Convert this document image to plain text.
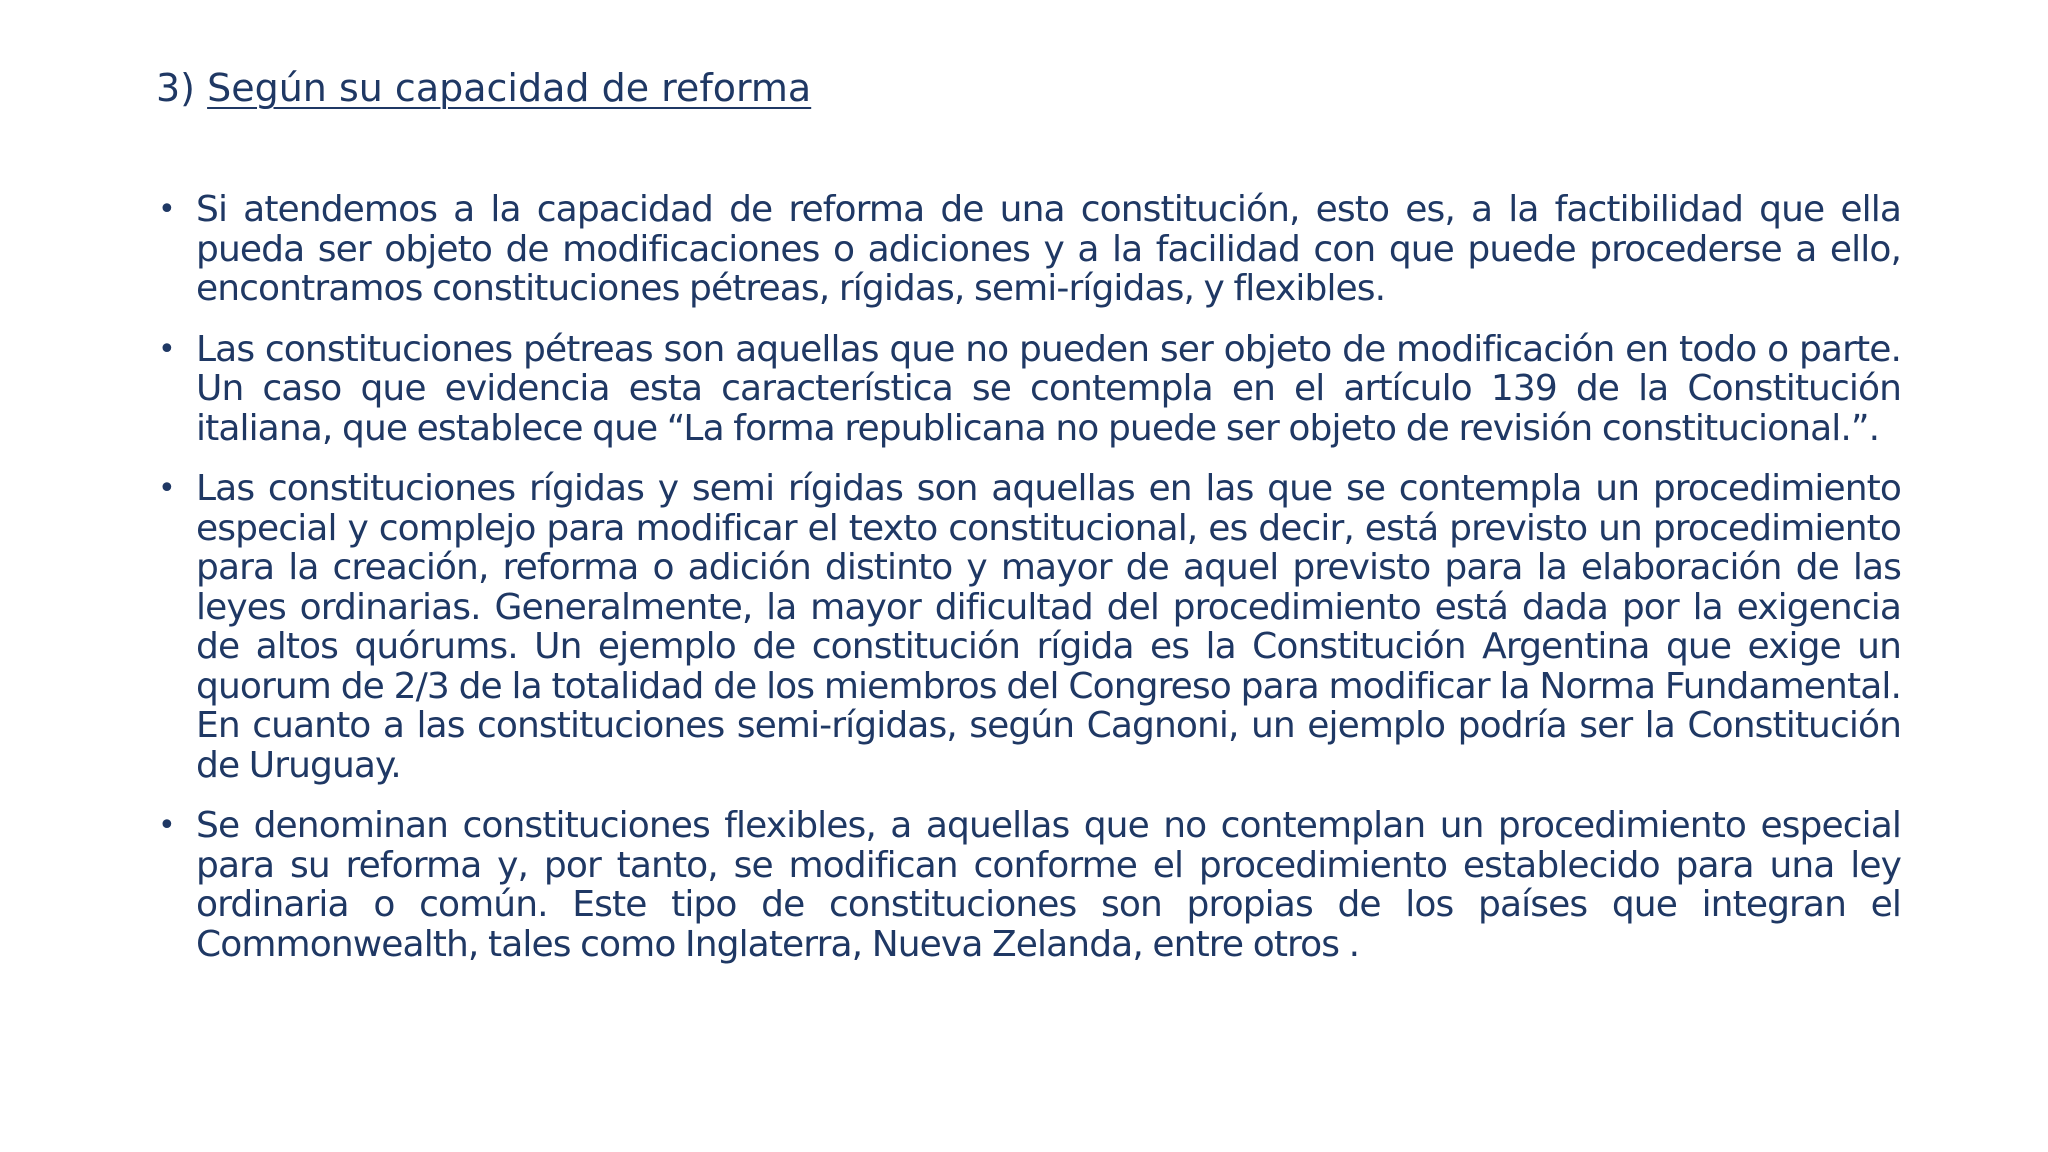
3) Según su capacidad de reforma
• Si atendemos a la capacidad de reforma de una constitución, esto es, a la factibilidad que ella pueda ser objeto de modificaciones o adiciones y a la facilidad con que puede procederse a ello, encontramos constituciones pétreas, rígidas, semi-rígidas, y flexibles.
• Las constituciones pétreas son aquellas que no pueden ser objeto de modificación en todo o parte. Un caso que evidencia esta característica se contempla en el artículo 139 de la Constitución italiana, que establece que “La forma republicana no puede ser objeto de revisión constitucional.”.
• Las constituciones rígidas y semi rígidas son aquellas en las que se contempla un procedimiento especial y complejo para modificar el texto constitucional, es decir, está previsto un procedimiento para la creación, reforma o adición distinto y mayor de aquel previsto para la elaboración de las leyes ordinarias. Generalmente, la mayor dificultad del procedimiento está dada por la exigencia de altos quórums. Un ejemplo de constitución rígida es la Constitución Argentina que exige un quorum de 2/3 de la totalidad de los miembros del Congreso para modificar la Norma Fundamental. En cuanto a las constituciones semi-rígidas, según Cagnoni, un ejemplo podría ser la Constitución de Uruguay.
• Se denominan constituciones flexibles, a aquellas que no contemplan un procedimiento especial para su reforma y, por tanto, se modifican conforme el procedimiento establecido para una ley ordinaria o común. Este tipo de constituciones son propias de los países que integran el Commonwealth, tales como Inglaterra, Nueva Zelanda, entre otros .
